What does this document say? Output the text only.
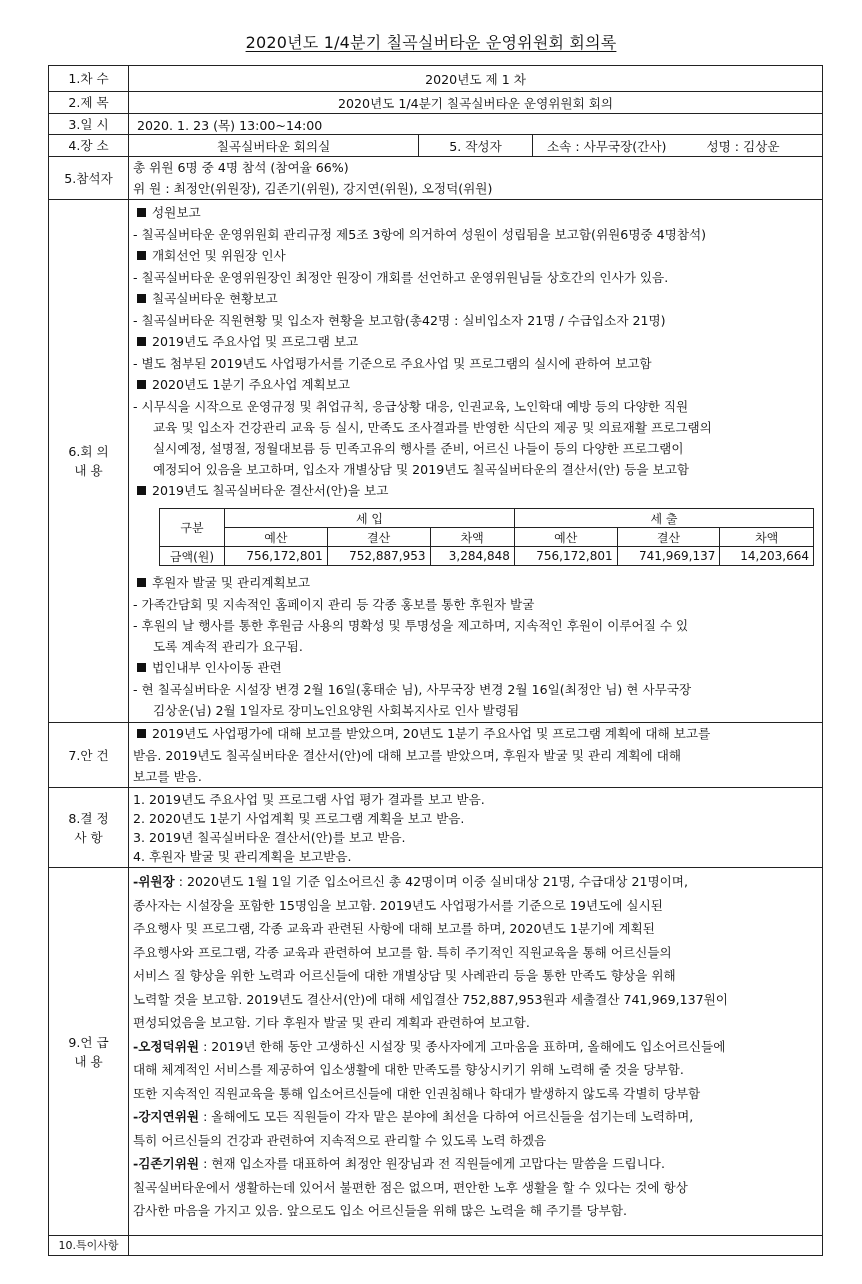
2020년도 1/4분기 칠곡실버타운 운영위원회 회의록
1.차 수	2020년도 제 1 차
2.제 목	2020년도 1/4분기 칠곡실버타운 운영위원회 회의
3.일 시	2020. 1. 23 (목) 13:00~14:00
4.장 소	칠곡실버타운 회의실	5. 작성자	소속 : 사무국장(간사)	성명 : 김상운
5.참석자	
총 위원 6명 중 4명 참석 (참여율 66%)
위 원 : 최정안(위원장), 김존기(위원), 강지연(위원), 오정덕(위원)

6.회 의
내 용

성원보고
- 칠곡실버타운 운영위원회 관리규정 제5조 3항에 의거하여 성원이 성립됨을 보고함(위원6명중 4명참석)
개회선언 및 위원장 인사
- 칠곡실버타운 운영위원장인 최정안 원장이 개회를 선언하고 운영위원님들 상호간의 인사가 있음.
칠곡실버타운 현황보고
- 칠곡실버타운 직원현황 및 입소자 현황을 보고함(총42명 : 실비입소자 21명 / 수급입소자 21명)
2019년도 주요사업 및 프로그램 보고
- 별도 첨부된 2019년도 사업평가서를 기준으로 주요사업 및 프로그램의 실시에 관하여 보고함
2020년도 1분기 주요사업 계획보고
- 시무식을 시작으로 운영규정 및 취업규칙, 응급상황 대응, 인권교육, 노인학대 예방 등의 다양한 직원
교육 및 입소자 건강관리 교육 등 실시, 만족도 조사결과를 반영한 식단의 제공 및 의료재활 프로그램의
실시예정, 설명절, 정월대보름 등 민족고유의 행사를 준비, 어르신 나들이 등의 다양한 프로그램이
예정되어 있음을 보고하며, 입소자 개별상담 및 2019년도 칠곡실버타운의 결산서(안) 등을 보고함
2019년도 칠곡실버타운 결산서(안)을 보고
구분	세 입	세 출
예산	결산	차액	예산	결산	차액
금액(원)	756,172,801	752,887,953	3,284,848	756,172,801	741,969,137	14,203,664
후원자 발굴 및 관리계획보고
- 가족간담회 및 지속적인 홈페이지 관리 등 각종 홍보를 통한 후원자 발굴
- 후원의 날 행사를 통한 후원금 사용의 명확성 및 투명성을 제고하며, 지속적인 후원이 이루어질 수 있
도록 계속적 관리가 요구됨.
법인내부 인사이동 관련
- 현 칠곡실버타운 시설장 변경 2월 16일(홍태순 님), 사무국장 변경 2월 16일(최정안 님) 현 사무국장
김상운(님) 2월 1일자로 장미노인요양원 사회복지사로 인사 발령됨

7.안 건	
2019년도 사업평가에 대해 보고를 받았으며, 20년도 1분기 주요사업 및 프로그램 계획에 대해 보고를
받음. 2019년도 칠곡실버타운 결산서(안)에 대해 보고를 받았으며, 후원자 발굴 및 관리 계획에 대해
보고를 받음.

8.결 정
사 항

1. 2019년도 주요사업 및 프로그램 사업 평가 결과를 보고 받음.
2. 2020년도 1분기 사업계획 및 프로그램 계획을 보고 받음.
3. 2019년 칠곡실버타운 결산서(안)를 보고 받음.
4. 후원자 발굴 및 관리계획을 보고받음.

9.언 급
내 용

-위원장 : 2020년도 1월 1일 기준 입소어르신 총 42명이며 이중 실비대상 21명, 수급대상 21명이며,
종사자는 시설장을 포함한 15명임을 보고함. 2019년도 사업평가서를 기준으로 19년도에 실시된
주요행사 및 프로그램, 각종 교육과 관련된 사항에 대해 보고를 하며, 2020년도 1분기에 계획된
주요행사와 프로그램, 각종 교육과 관련하여 보고를 함. 특히 주기적인 직원교육을 통해 어르신들의
서비스 질 향상을 위한 노력과 어르신들에 대한 개별상담 및 사례관리 등을 통한 만족도 향상을 위해
노력할 것을 보고함. 2019년도 결산서(안)에 대해 세입결산 752,887,953원과 세출결산 741,969,137원이
편성되었음을 보고함. 기타 후원자 발굴 및 관리 계획과 관련하여 보고함.
-오정덕위원 : 2019년 한해 동안 고생하신 시설장 및 종사자에게 고마움을 표하며, 올해에도 입소어르신들에
대해 체계적인 서비스를 제공하여 입소생활에 대한 만족도를 향상시키기 위해 노력해 줄 것을 당부함.
또한 지속적인 직원교육을 통해 입소어르신들에 대한 인권침해나 학대가 발생하지 않도록 각별히 당부함
-강지연위원 : 올해에도 모든 직원들이 각자 맡은 분야에 최선을 다하여 어르신들을 섬기는데 노력하며,
특히 어르신들의 건강과 관련하여 지속적으로 관리할 수 있도록 노력 하겠음
-김존기위원 : 현재 입소자를 대표하여 최정안 원장님과 전 직원들에게 고맙다는 말씀을 드립니다.
칠곡실버타운에서 생활하는데 있어서 불편한 점은 없으며, 편안한 노후 생활을 할 수 있다는 것에 항상
감사한 마음을 가지고 있음. 앞으로도 입소 어르신들을 위해 많은 노력을 해 주기를 당부함.

10.특이사항	
